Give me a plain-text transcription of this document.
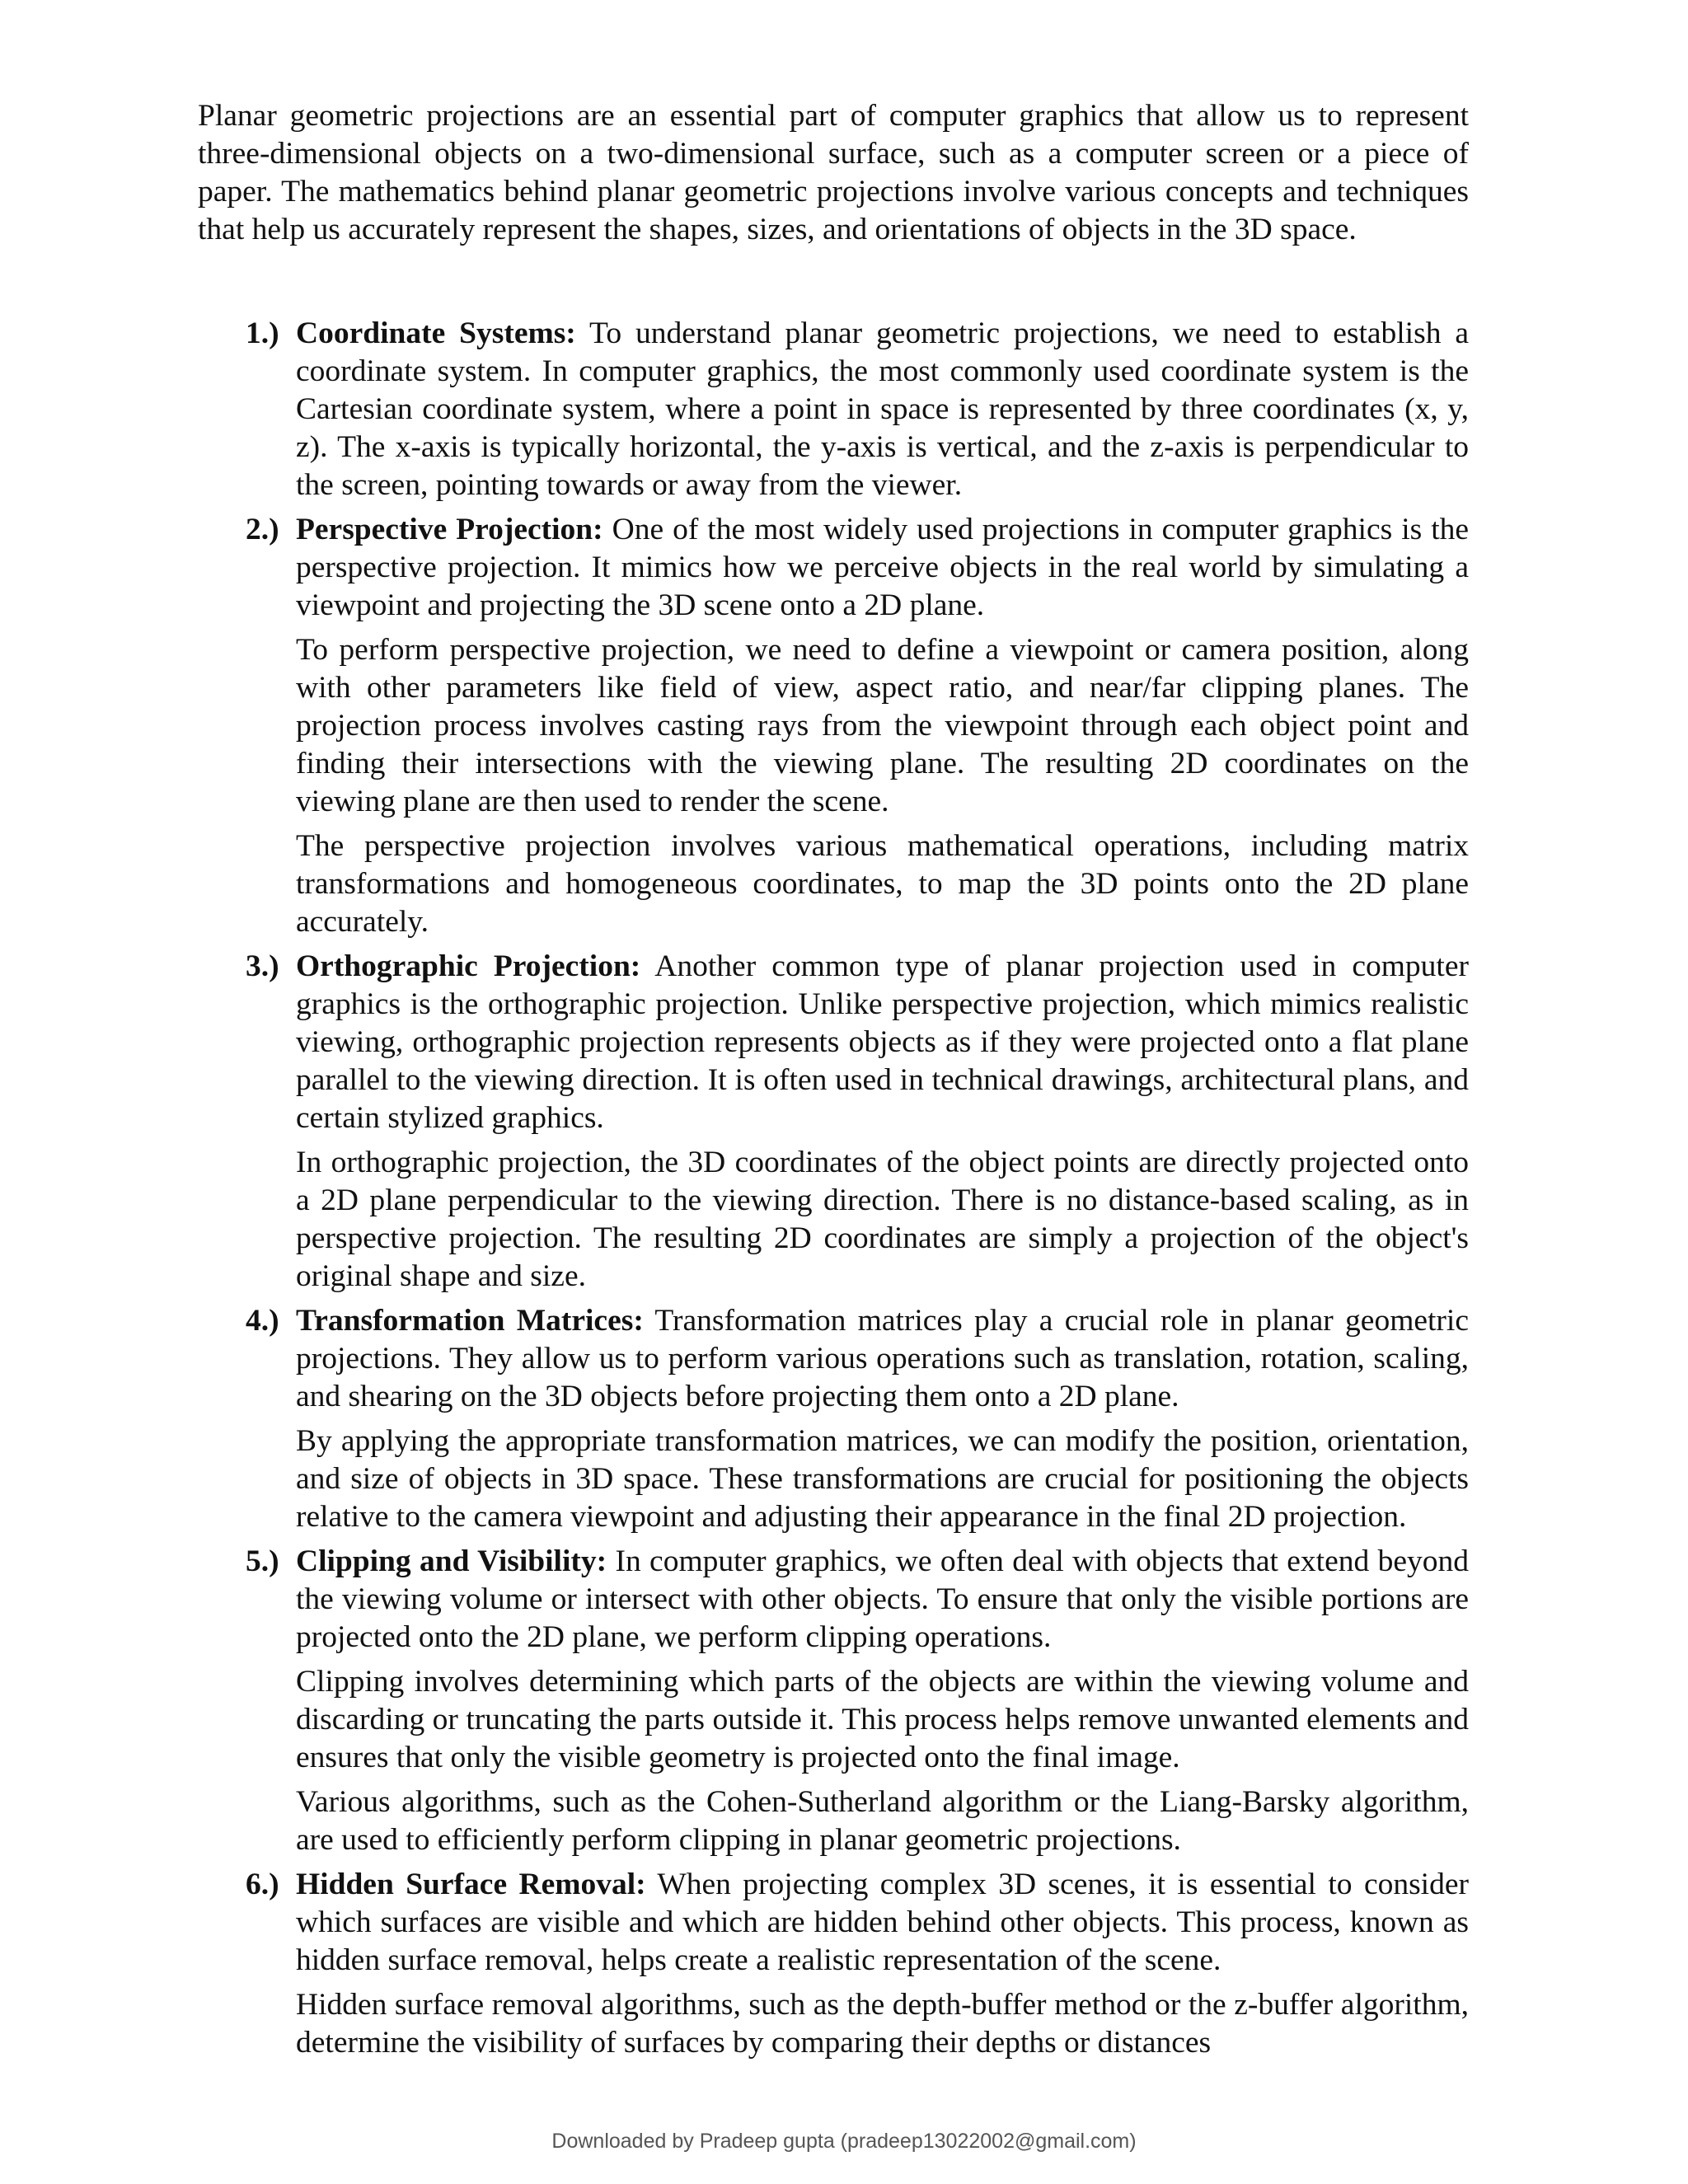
Planar geometric projections are an essential part of computer graphics that allow us to represent three-dimensional objects on a two-dimensional surface, such as a computer screen or a piece of paper. The mathematics behind planar geometric projections involve various concepts and techniques that help us accurately represent the shapes, sizes, and orientations of objects in the 3D space.

1.) Coordinate Systems: To understand planar geometric projections, we need to establish a coordinate system. In computer graphics, the most commonly used coordinate system is the Cartesian coordinate system, where a point in space is represented by three coordinates (x, y, z). The x-axis is typically horizontal, the y-axis is vertical, and the z-axis is perpendicular to the screen, pointing towards or away from the viewer.

2.) Perspective Projection: One of the most widely used projections in computer graphics is the perspective projection. It mimics how we perceive objects in the real world by simulating a viewpoint and projecting the 3D scene onto a 2D plane.

To perform perspective projection, we need to define a viewpoint or camera position, along with other parameters like field of view, aspect ratio, and near/far clipping planes. The projection process involves casting rays from the viewpoint through each object point and finding their intersections with the viewing plane. The resulting 2D coordinates on the viewing plane are then used to render the scene.

The perspective projection involves various mathematical operations, including matrix transformations and homogeneous coordinates, to map the 3D points onto the 2D plane accurately.

3.) Orthographic Projection: Another common type of planar projection used in computer graphics is the orthographic projection. Unlike perspective projection, which mimics realistic viewing, orthographic projection represents objects as if they were projected onto a flat plane parallel to the viewing direction. It is often used in technical drawings, architectural plans, and certain stylized graphics.

In orthographic projection, the 3D coordinates of the object points are directly projected onto a 2D plane perpendicular to the viewing direction. There is no distance-based scaling, as in perspective projection. The resulting 2D coordinates are simply a projection of the object's original shape and size.

4.) Transformation Matrices: Transformation matrices play a crucial role in planar geometric projections. They allow us to perform various operations such as translation, rotation, scaling, and shearing on the 3D objects before projecting them onto a 2D plane.

By applying the appropriate transformation matrices, we can modify the position, orientation, and size of objects in 3D space. These transformations are crucial for positioning the objects relative to the camera viewpoint and adjusting their appearance in the final 2D projection.

5.) Clipping and Visibility: In computer graphics, we often deal with objects that extend beyond the viewing volume or intersect with other objects. To ensure that only the visible portions are projected onto the 2D plane, we perform clipping operations.

Clipping involves determining which parts of the objects are within the viewing volume and discarding or truncating the parts outside it. This process helps remove unwanted elements and ensures that only the visible geometry is projected onto the final image.

Various algorithms, such as the Cohen-Sutherland algorithm or the Liang-Barsky algorithm, are used to efficiently perform clipping in planar geometric projections.

6.) Hidden Surface Removal: When projecting complex 3D scenes, it is essential to consider which surfaces are visible and which are hidden behind other objects. This process, known as hidden surface removal, helps create a realistic representation of the scene.

Hidden surface removal algorithms, such as the depth-buffer method or the z-buffer algorithm, determine the visibility of surfaces by comparing their depths or distances

Downloaded by Pradeep gupta (pradeep13022002@gmail.com)
